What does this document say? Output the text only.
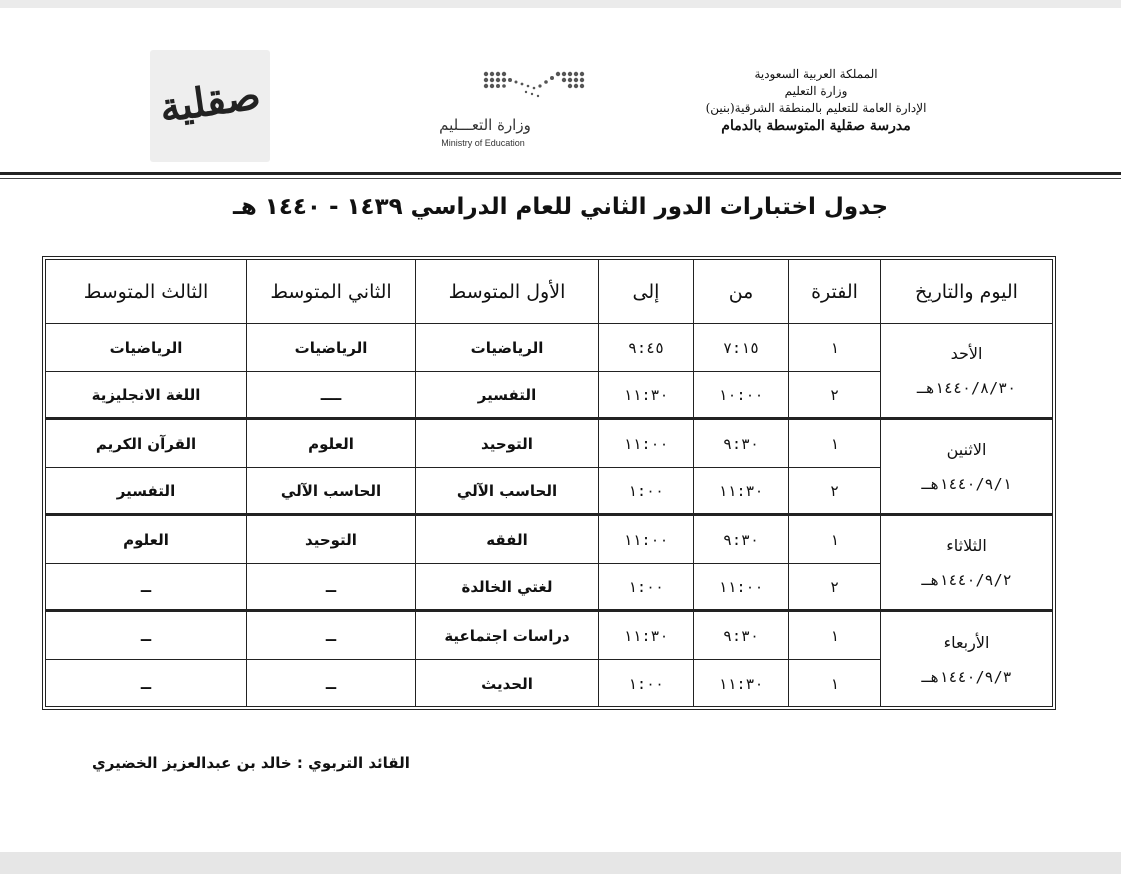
المملكة العربية السعودية
وزارة التعليم
الإدارة العامة للتعليم بالمنطقة الشرقية(بنين)
مدرسة صقلية المتوسطة بالدمام
وزارة التعـــليم
Ministry of Education
صقلية
جدول اختبارات الدور الثاني للعام الدراسي ١٤٣٩ - ١٤٤٠ هـ
اليوم والتاريخ
الفترة
من
إلى
الأول المتوسط
الثاني المتوسط
الثالث المتوسط
الأحد
١٤٤٠/٨/٣٠هـ
١
٧:١٥
٩:٤٥
الرياضيات
الرياضيات
الرياضيات
٢
١٠:٠٠
١١:٣٠
التفسير
ــــ
اللغة الانجليزية
الاثنين
١٤٤٠/٩/١هـ
١
٩:٣٠
١١:٠٠
التوحيد
العلوم
القرآن الكريم
٢
١١:٣٠
١:٠٠
الحاسب الآلي
الحاسب الآلي
التفسير
الثلاثاء
١٤٤٠/٩/٢هـ
١
٩:٣٠
١١:٠٠
الفقه
التوحيد
العلوم
٢
١١:٠٠
١:٠٠
لغتي الخالدة
ــ
ــ
الأربعاء
١٤٤٠/٩/٣هـ
١
٩:٣٠
١١:٣٠
دراسات اجتماعية
ــ
ــ
١
١١:٣٠
١:٠٠
الحديث
ــ
ــ
القائد التربوي : خالد بن عبدالعزيز الخضيري
